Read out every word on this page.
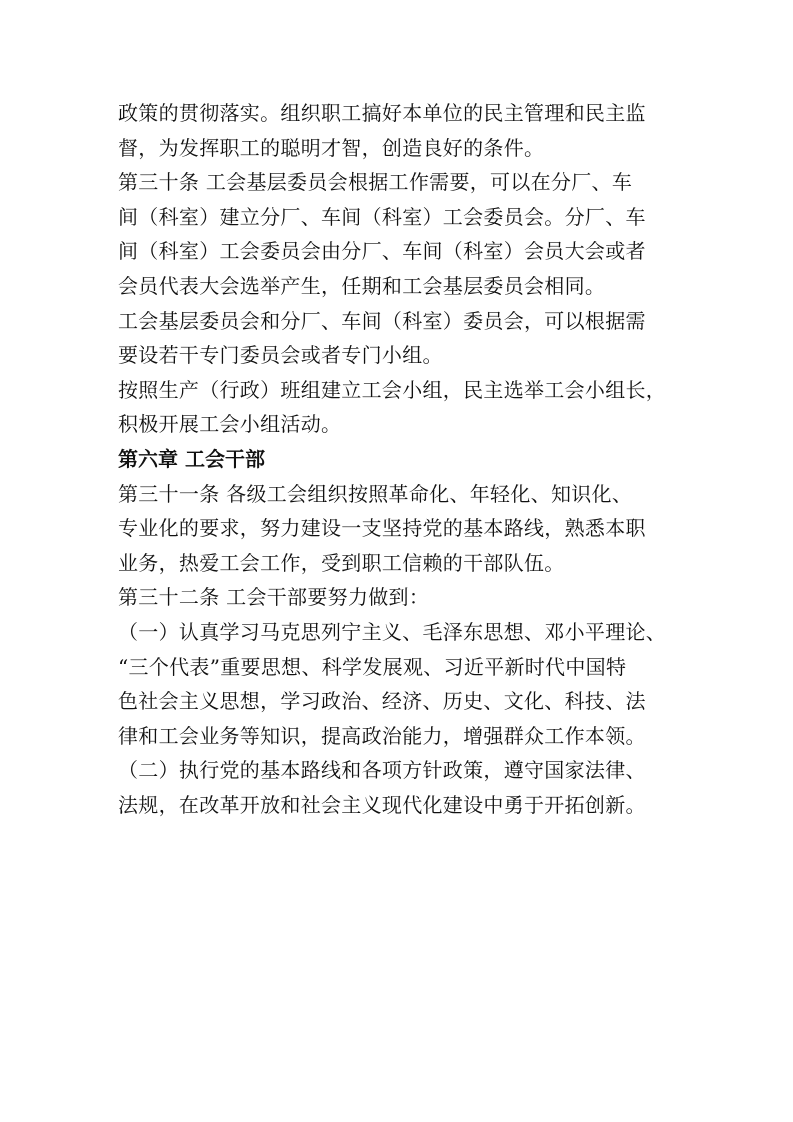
政策的贯彻落实。组织职工搞好本单位的民主管理和民主监
督，为发挥职工的聪明才智，创造良好的条件。
第三十条 工会基层委员会根据工作需要，可以在分厂、车
间（科室）建立分厂、车间（科室）工会委员会。分厂、车
间（科室）工会委员会由分厂、车间（科室）会员大会或者
会员代表大会选举产生，任期和工会基层委员会相同。
工会基层委员会和分厂、车间（科室）委员会，可以根据需
要设若干专门委员会或者专门小组。
按照生产（行政）班组建立工会小组，民主选举工会小组长，
积极开展工会小组活动。
第六章 工会干部
第三十一条 各级工会组织按照革命化、年轻化、知识化、
专业化的要求，努力建设一支坚持党的基本路线，熟悉本职
业务，热爱工会工作，受到职工信赖的干部队伍。
第三十二条 工会干部要努力做到：
（一）认真学习马克思列宁主义、毛泽东思想、邓小平理论、
“三个代表”重要思想、科学发展观、习近平新时代中国特
色社会主义思想，学习政治、经济、历史、文化、科技、法
律和工会业务等知识，提高政治能力，增强群众工作本领。
（二）执行党的基本路线和各项方针政策，遵守国家法律、
法规，在改革开放和社会主义现代化建设中勇于开拓创新。
